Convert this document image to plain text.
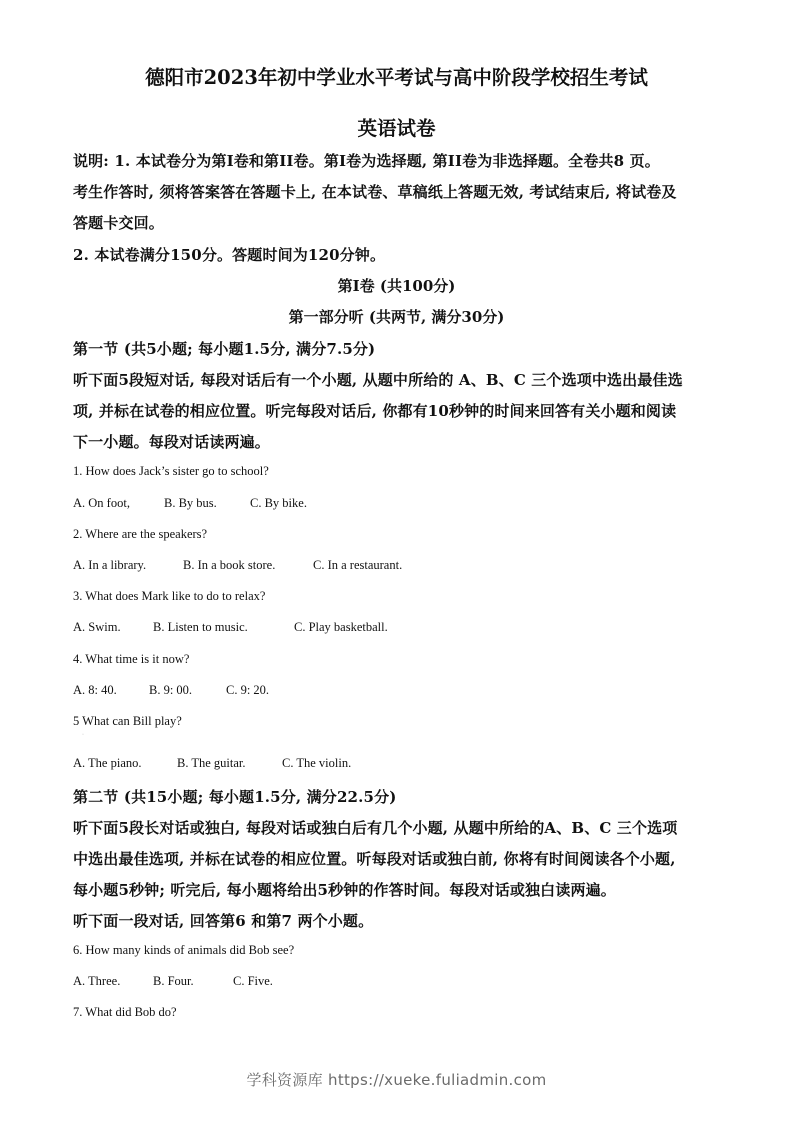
德阳市2023年初中学业水平考试与高中阶段学校招生考试
英语试卷
说明: 1. 本试卷分为第I卷和第II卷。第I卷为选择题, 第II卷为非选择题。全卷共8 页。
考生作答时, 须将答案答在答题卡上, 在本试卷、草稿纸上答题无效, 考试结束后, 将试卷及
答题卡交回。
2. 本试卷满分150分。答题时间为120分钟。
第I卷 (共100分)
第一部分听 (共两节, 满分30分)
第一节 (共5小题; 每小题1.5分, 满分7.5分)
听下面5段短对话, 每段对话后有一个小题, 从题中所给的 A、B、C 三个选项中选出最佳选
项, 并标在试卷的相应位置。听完每段对话后, 你都有10秒钟的时间来回答有关小题和阅读
下一小题。每段对话读两遍。
1. How does Jack’s sister go to school?
A. On foot,	B. By bus.	C. By bike.
2. Where are the speakers?
A. In a library.	B. In a book store.	C. In a restaurant.
3. What does Mark like to do to relax?
A. Swim.	B. Listen to music.	C. Play basketball.
4. What time is it now?
A. 8: 40.	B. 9: 00.	C. 9: 20.
5 What can Bill play?
·
A. The piano.	B. The guitar.	C. The violin.
第二节 (共15小题; 每小题1.5分, 满分22.5分)
听下面5段长对话或独白, 每段对话或独白后有几个小题, 从题中所给的A、B、C 三个选项
中选出最佳选项, 并标在试卷的相应位置。听每段对话或独白前, 你将有时间阅读各个小题,
每小题5秒钟; 听完后, 每小题将给出5秒钟的作答时间。每段对话或独白读两遍。
听下面一段对话, 回答第6 和第7 两个小题。
6. How many kinds of animals did Bob see?
A. Three.	B. Four.	C. Five.
7. What did Bob do?
学科资源库 https://xueke.fuliadmin.com
